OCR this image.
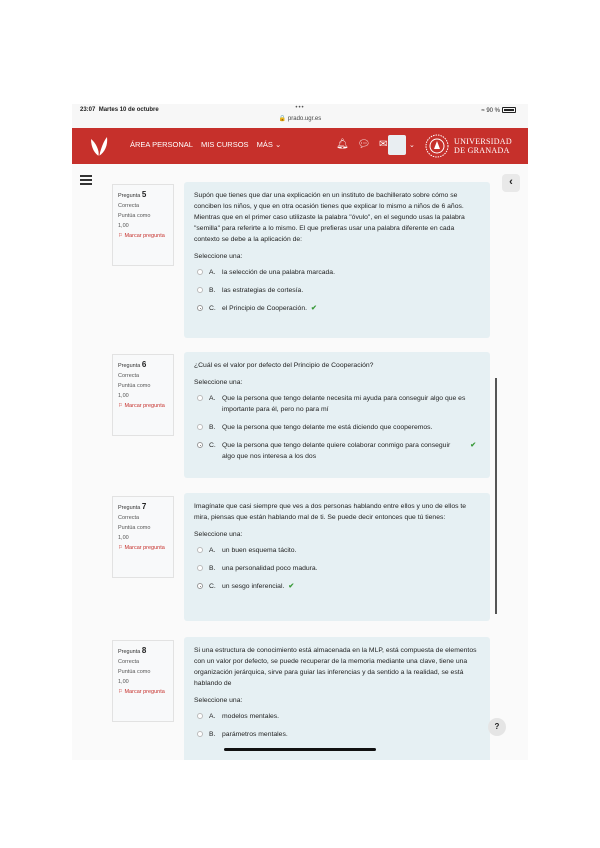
23:07 Martes 10 de octubre	•••
🔒 prado.ugr.es
≈ 90 %
ÁREA PERSONAL MIS CURSOS MÁS ⌄	🔔︎ 💬︎ ✉	⌄	UNIVERSIDAD
DE GRANADA
‹
Pregunta 5
Correcta
Puntúa como
1,00
⚐ Marcar pregunta
Supón que tienes que dar una explicación en un instituto de bachillerato sobre cómo se conciben los niños, y que en otra ocasión tienes que explicar lo mismo a niños de 6 años. Mientras que en el primer caso utilizaste la palabra "óvulo", en el segundo usas la palabra "semilla" para referirte a lo mismo. El que prefieras usar una palabra diferente en cada contexto se debe a la aplicación de:
Seleccione una:
A. la selección de una palabra marcada.
B. las estrategias de cortesía.
C. el Principio de Cooperación. ✔
Pregunta 6
Correcta
Puntúa como
1,00
⚐ Marcar pregunta
¿Cuál es el valor por defecto del Principio de Cooperación?
Seleccione una:
A. Que la persona que tengo delante necesita mi ayuda para conseguir algo que es importante para él, pero no para mí
B. Que la persona que tengo delante me está diciendo que cooperemos.
C. Que la persona que tengo delante quiere colaborar conmigo para conseguir algo que nos interesa a los dos
✔
Pregunta 7
Correcta
Puntúa como
1,00
⚐ Marcar pregunta
Imagínate que casi siempre que ves a dos personas hablando entre ellos y uno de ellos te mira, piensas que están hablando mal de ti. Se puede decir entonces que tú tienes:
Seleccione una:
A. un buen esquema tácito.
B. una personalidad poco madura.
C. un sesgo inferencial. ✔
Pregunta 8
Correcta
Puntúa como
1,00
⚐ Marcar pregunta
Si una estructura de conocimiento está almacenada en la MLP, está compuesta de elementos con un valor por defecto, se puede recuperar de la memoria mediante una clave, tiene una organización jerárquica, sirve para guiar las inferencias y da sentido a la realidad, se está hablando de
Seleccione una:
A. modelos mentales.
B. parámetros mentales.
?
